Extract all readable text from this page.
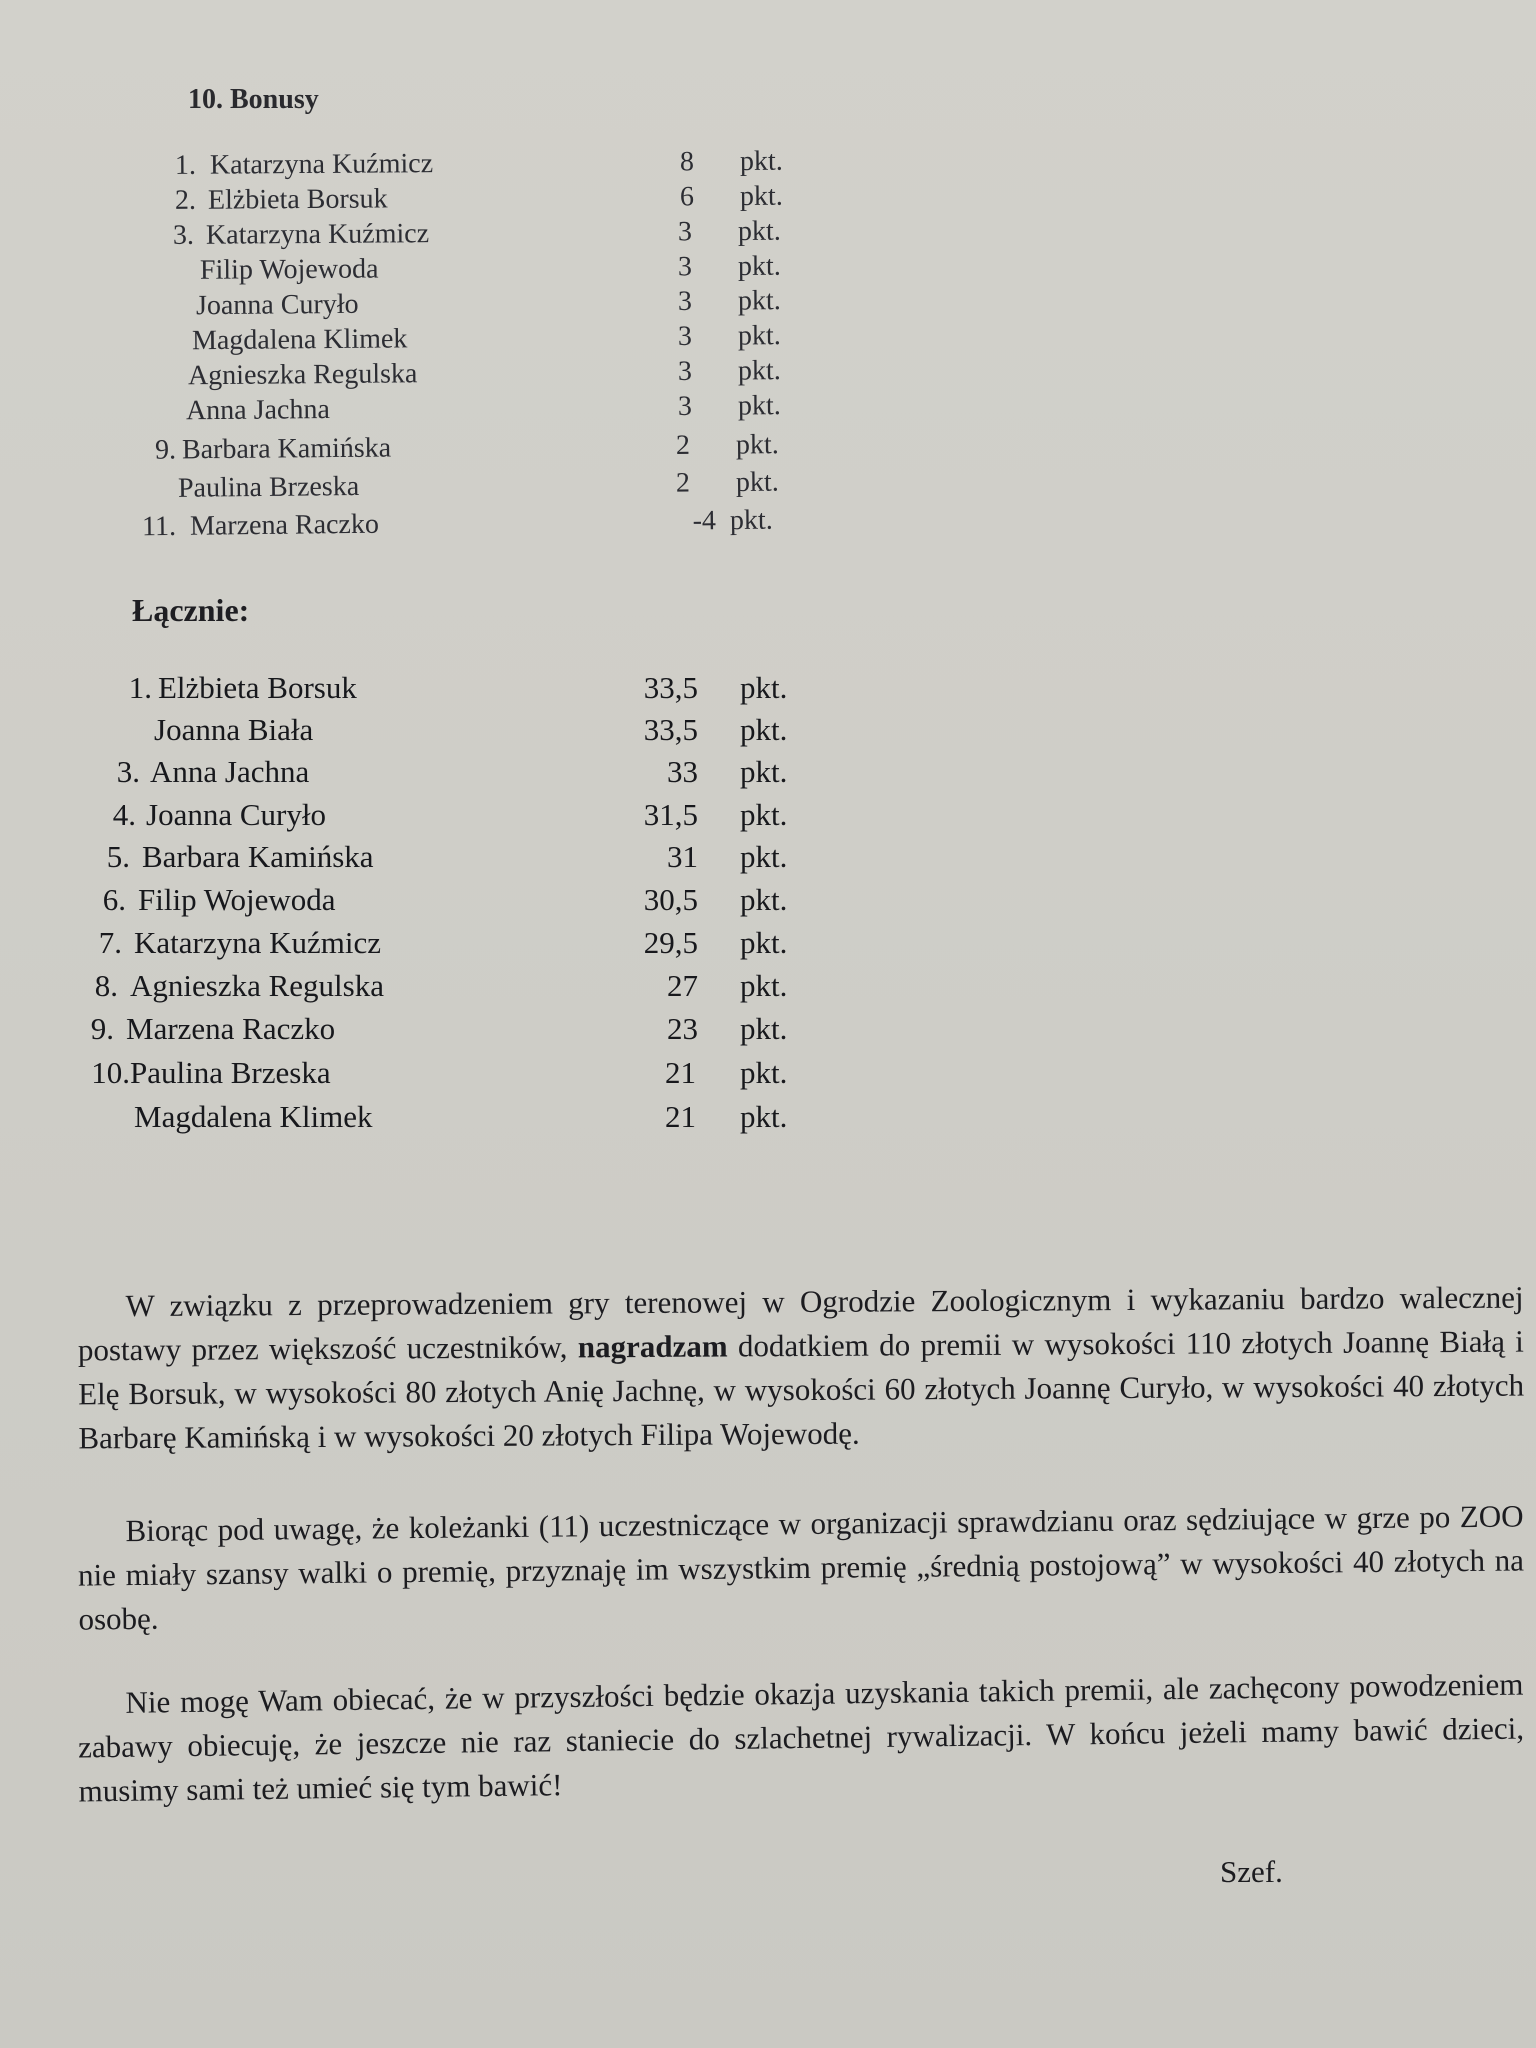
10. Bonusy
1. Katarzyna Kuźmicz	8 pkt.
2. Elżbieta Borsuk	6 pkt.
3. Katarzyna Kuźmicz	3 pkt.
Filip Wojewoda	3 pkt.
Joanna Curyło	3 pkt.
Magdalena Klimek	3 pkt.
Agnieszka Regulska	3 pkt.
Anna Jachna	3 pkt.
9. Barbara Kamińska	2 pkt.
Paulina Brzeska	2 pkt.
11. Marzena Raczko	-4 pkt.
Łącznie:
1. Elżbieta Borsuk	33,5 pkt.
Joanna Biała	33,5 pkt.
3. Anna Jachna	33 pkt.
4. Joanna Curyło	31,5 pkt.
5. Barbara Kamińska	31 pkt.
6. Filip Wojewoda	30,5 pkt.
7. Katarzyna Kuźmicz	29,5 pkt.
8. Agnieszka Regulska	27 pkt.
9. Marzena Raczko	23 pkt.
10. Paulina Brzeska	21 pkt.
Magdalena Klimek	21 pkt.

W związku z przeprowadzeniem gry terenowej w Ogrodzie Zoologicznym i wykazaniu bardzo walecznej postawy przez większość uczestników, nagradzam dodatkiem do premii w wysokości 110 złotych Joannę Białą i Elę Borsuk, w wysokości 80 złotych Anię Jachnę, w wysokości 60 złotych Joannę Curyło, w wysokości 40 złotych Barbarę Kamińską i w wysokości 20 złotych Filipa Wojewodę.

Biorąc pod uwagę, że koleżanki (11) uczestniczące w organizacji sprawdzianu oraz sędziujące w grze po ZOO nie miały szansy walki o premię, przyznaję im wszystkim premię „średnią postojową” w wysokości 40 złotych na osobę.

Nie mogę Wam obiecać, że w przyszłości będzie okazja uzyskania takich premii, ale zachęcony powodzeniem zabawy obiecuję, że jeszcze nie raz staniecie do szlachetnej rywalizacji. W końcu jeżeli mamy bawić dzieci, musimy sami też umieć się tym bawić!

Szef.
